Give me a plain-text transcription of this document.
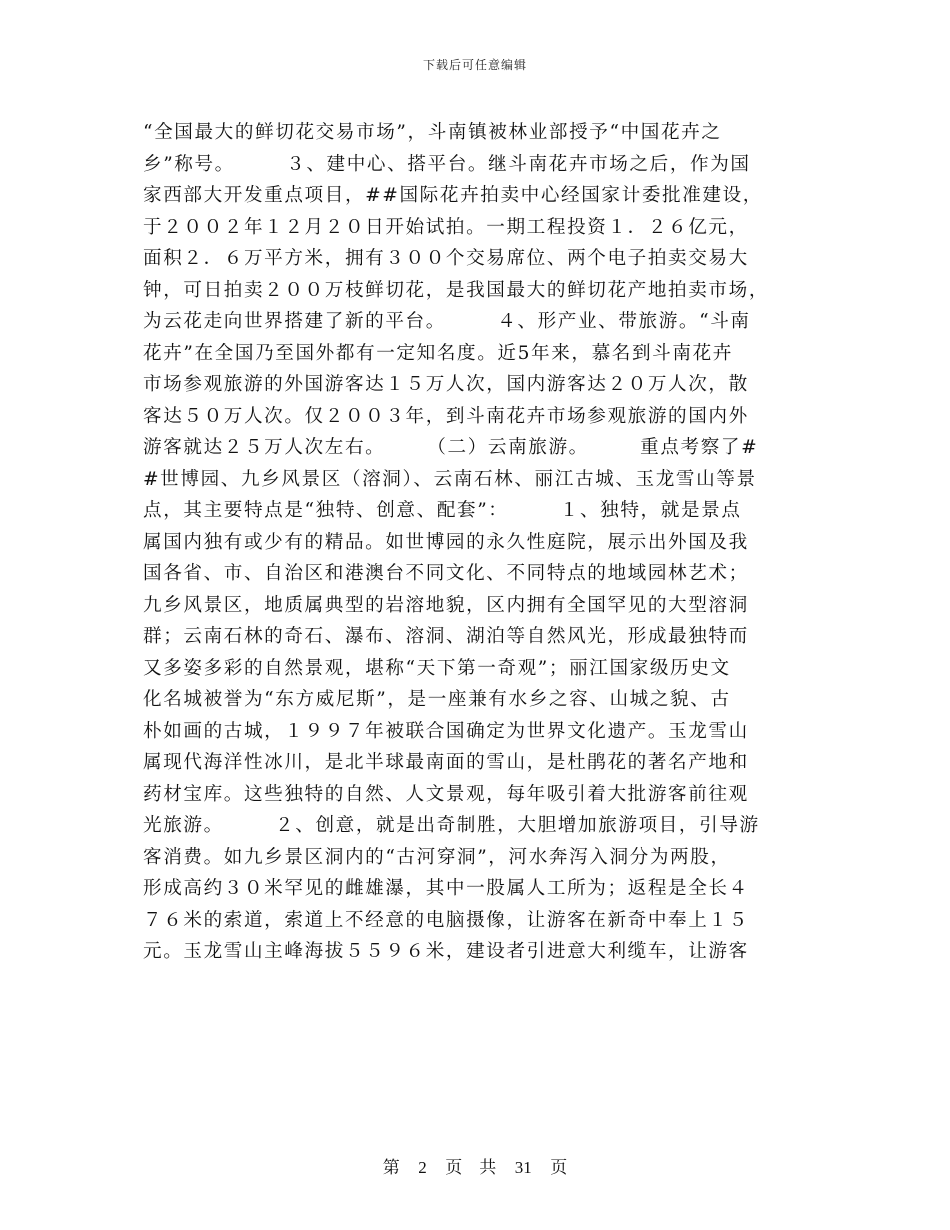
下载后可任意编辑
“全国最大的鲜切花交易市场”，斗南镇被林业部授予“中国花卉之
乡”称号。　　　３、建中心、搭平台。继斗南花卉市场之后，作为国
家西部大开发重点项目，##国际花卉拍卖中心经国家计委批准建设，
于２００２年１２月２０日开始试拍。一期工程投资１．２６亿元，
面积２．６万平方米，拥有３００个交易席位、两个电子拍卖交易大
钟，可日拍卖２００万枝鲜切花，是我国最大的鲜切花产地拍卖市场，
为云花走向世界搭建了新的平台。　　　４、形产业、带旅游。“斗南
花卉”在全国乃至国外都有一定知名度。近5年来，慕名到斗南花卉
市场参观旅游的外国游客达１５万人次，国内游客达２０万人次，散
客达５０万人次。仅２００３年，到斗南花卉市场参观旅游的国内外
游客就达２５万人次左右。　　　（二）云南旅游。　　　重点考察了#
#世博园、九乡风景区（溶洞）、云南石林、丽江古城、玉龙雪山等景
点，其主要特点是“独特、创意、配套”：　　　１、独特，就是景点
属国内独有或少有的精品。如世博园的永久性庭院，展示出外国及我
国各省、市、自治区和港澳台不同文化、不同特点的地域园林艺术；
九乡风景区，地质属典型的岩溶地貌，区内拥有全国罕见的大型溶洞
群；云南石林的奇石、瀑布、溶洞、湖泊等自然风光，形成最独特而
又多姿多彩的自然景观，堪称“天下第一奇观”；丽江国家级历史文
化名城被誉为“东方威尼斯”，是一座兼有水乡之容、山城之貌、古
朴如画的古城，１９９７年被联合国确定为世界文化遗产。玉龙雪山
属现代海洋性冰川，是北半球最南面的雪山，是杜鹃花的著名产地和
药材宝库。这些独特的自然、人文景观，每年吸引着大批游客前往观
光旅游。　　　２、创意，就是出奇制胜，大胆增加旅游项目，引导游
客消费。如九乡景区洞内的“古河穿洞”，河水奔泻入洞分为两股，
形成高约３０米罕见的雌雄瀑，其中一股属人工所为；返程是全长４
７６米的索道，索道上不经意的电脑摄像，让游客在新奇中奉上１５
元。玉龙雪山主峰海拔５５９６米，建设者引进意大利缆车，让游客
第 2 页　共 31 页
